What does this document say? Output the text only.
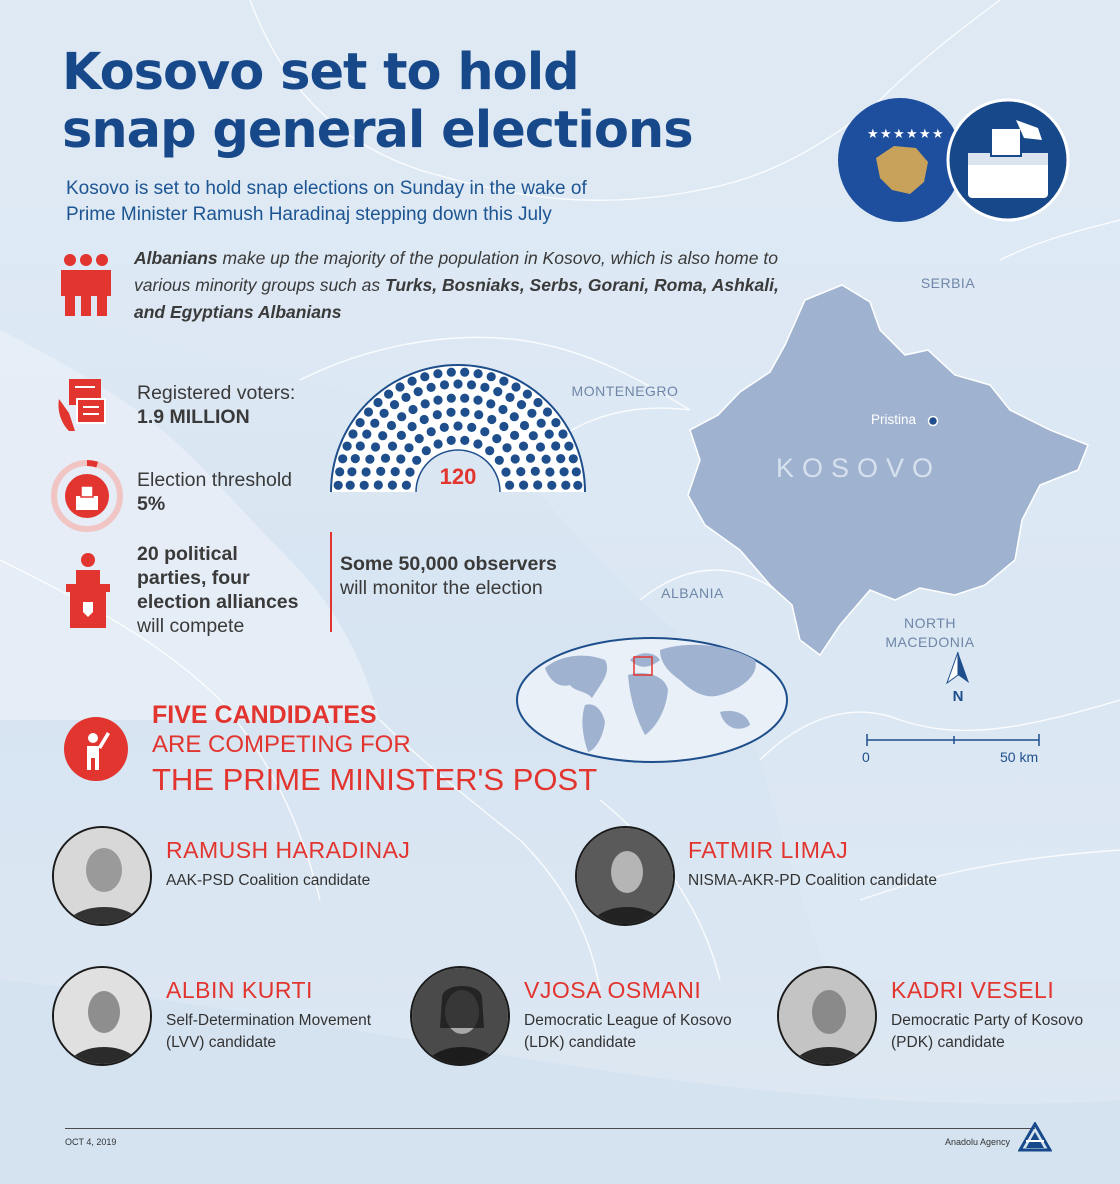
Kosovo set to hold
snap general elections
Kosovo is set to hold snap elections on Sunday in the wake of
Prime Minister Ramush Haradinaj stepping down this July
★ ★ ★ ★ ★ ★
Albanians make up the majority of the population in Kosovo, which is also home to various minority groups such as Turks, Bosniaks, Serbs, Gorani, Roma, Ashkali, and Egyptians Albanians
Registered voters:
1.9 MILLION
Election threshold
5%
20 political
parties, four
election alliances
will compete
Some 50,000 observers
will monitor the election
120
SERBIA
MONTENEGRO
ALBANIA
NORTH
MACEDONIA
KOSOVO
Pristina
N
0	50 km
FIVE CANDIDATES
ARE COMPETING FOR
THE PRIME MINISTER'S POST
RAMUSH HARADINAJ
AAK-PSD Coalition candidate
FATMIR LIMAJ
NISMA-AKR-PD Coalition candidate
ALBIN KURTI
Self-Determination Movement
(LVV) candidate
VJOSA OSMANI
Democratic League of Kosovo
(LDK) candidate
KADRI VESELI
Democratic Party of Kosovo
(PDK) candidate
OCT 4, 2019	Anadolu Agency
